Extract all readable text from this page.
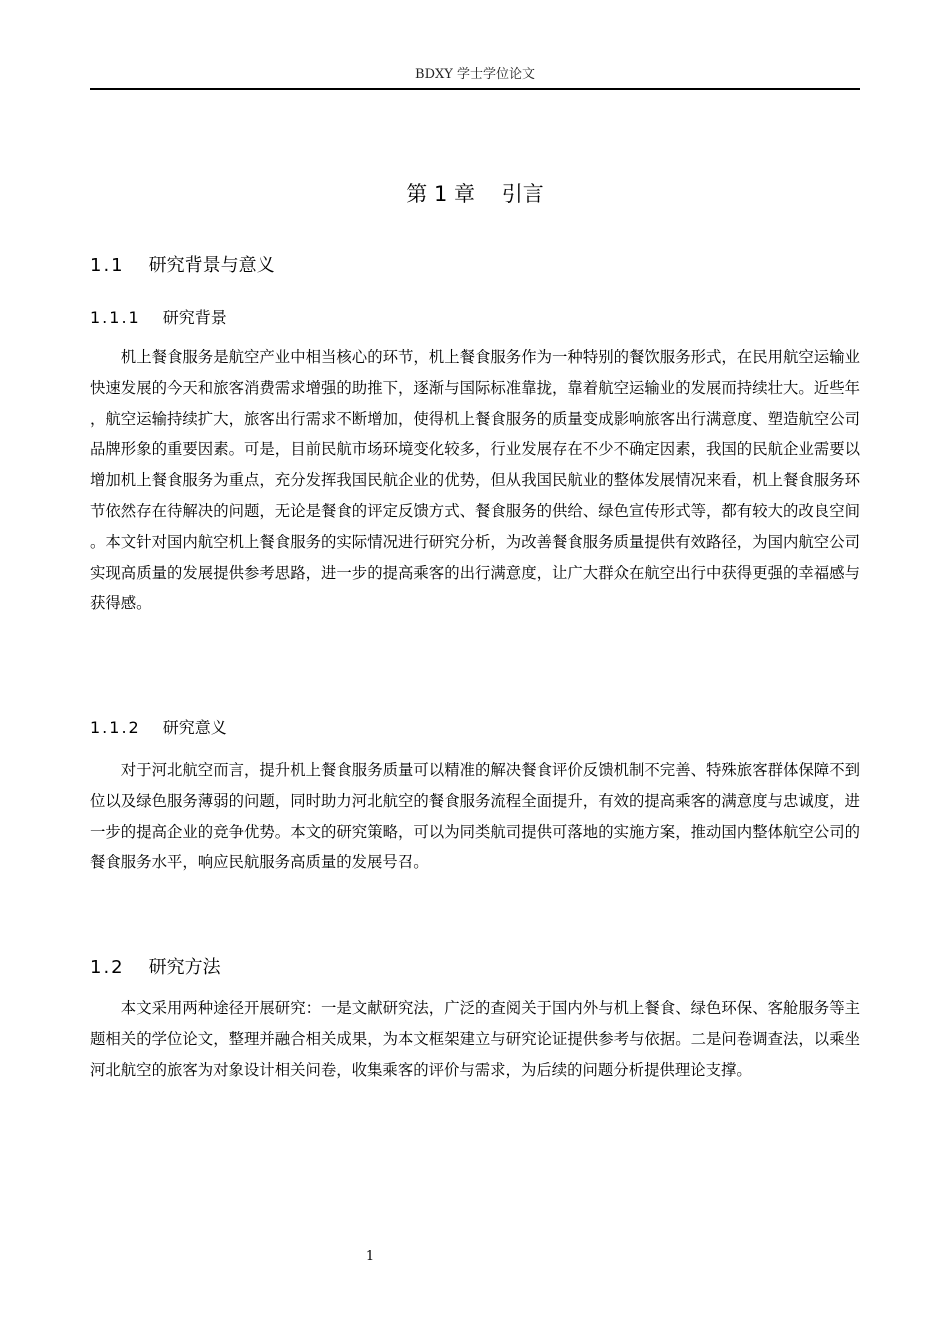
BDXY 学士学位论文
第 1 章    引言
1.1 研究背景与意义
1.1.1 研究背景

机上餐食服务是航空产业中相当核心的环节，机上餐食服务作为一种特别的餐饮服务形式，在民用航空运输业快速发展的今天和旅客消费需求增强的助推下，逐渐与国际标准靠拢，靠着航空运输业的发展而持续壮大。近些年，航空运输持续扩大，旅客出行需求不断增加，使得机上餐食服务的质量变成影响旅客出行满意度、塑造航空公司品牌形象的重要因素。可是，目前民航市场环境变化较多，行业发展存在不少不确定因素，我国的民航企业需要以增加机上餐食服务为重点，充分发挥我国民航企业的优势，但从我国民航业的整体发展情况来看，机上餐食服务环节依然存在待解决的问题，无论是餐食的评定反馈方式、餐食服务的供给、绿色宣传形式等，都有较大的改良空间。本文针对国内航空机上餐食服务的实际情况进行研究分析，为改善餐食服务质量提供有效路径，为国内航空公司实现高质量的发展提供参考思路，进一步的提高乘客的出行满意度，让广大群众在航空出行中获得更强的幸福感与获得感。

1.1.2 研究意义

对于河北航空而言，提升机上餐食服务质量可以精准的解决餐食评价反馈机制不完善、特殊旅客群体保障不到位以及绿色服务薄弱的问题，同时助力河北航空的餐食服务流程全面提升，有效的提高乘客的满意度与忠诚度，进一步的提高企业的竞争优势。本文的研究策略，可以为同类航司提供可落地的实施方案，推动国内整体航空公司的餐食服务水平，响应民航服务高质量的发展号召。

1.2 研究方法

本文采用两种途径开展研究：一是文献研究法，广泛的查阅关于国内外与机上餐食、绿色环保、客舱服务等主题相关的学位论文，整理并融合相关成果，为本文框架建立与研究论证提供参考与依据。二是问卷调查法，以乘坐河北航空的旅客为对象设计相关问卷，收集乘客的评价与需求，为后续的问题分析提供理论支撑。

1
